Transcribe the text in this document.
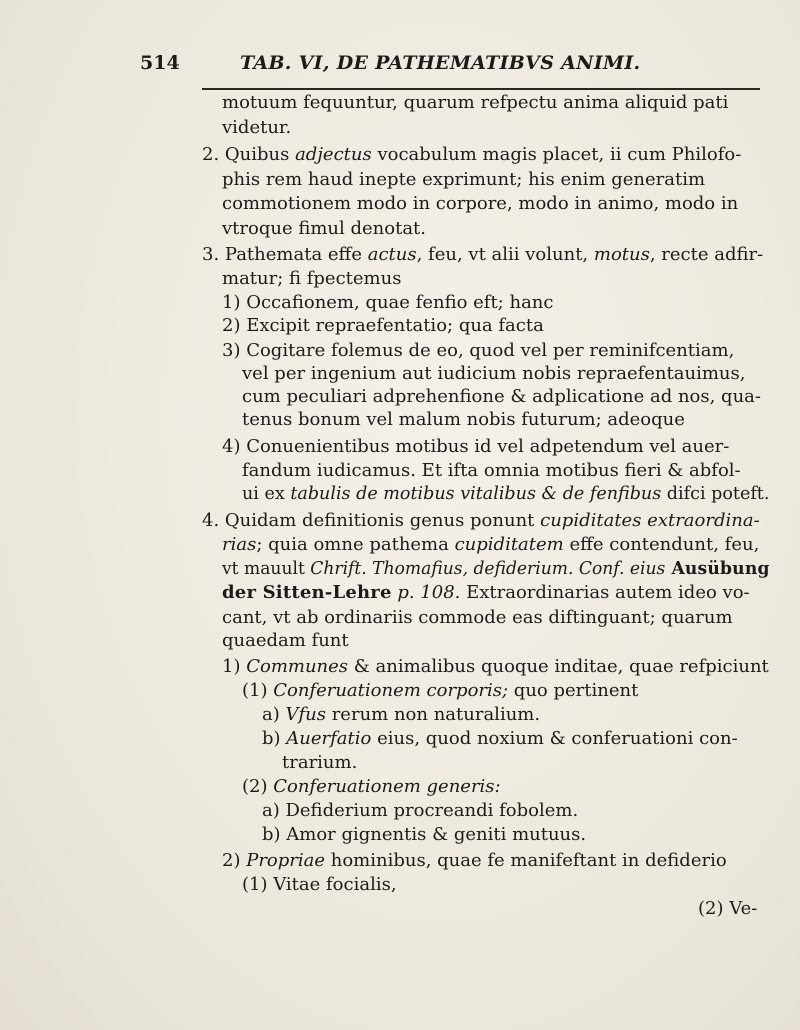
514	TAB. VI, DE PATHEMATIBVS ANIMI.
motuum fequuntur, quarum refpectu anima aliquid pati
videtur.
2. Quibus adjectus vocabulum magis placet, ii cum Philofo-
phis rem haud inepte exprimunt; his enim generatim
commotionem modo in corpore, modo in animo, modo in
vtroque fimul denotat.
3. Pathemata effe actus, feu, vt alii volunt, motus, recte adfir-
matur; fi fpectemus
1) Occafionem, quae fenfio eft; hanc
2) Excipit repraefentatio; qua facta
3) Cogitare folemus de eo, quod vel per reminifcentiam,
vel per ingenium aut iudicium nobis repraefentauimus,
cum peculiari adprehenfione & adplicatione ad nos, qua-
tenus bonum vel malum nobis futurum; adeoque
4) Conuenientibus motibus id vel adpetendum vel auer-
fandum iudicamus. Et ifta omnia motibus fieri & abfol-
ui ex tabulis de motibus vitalibus & de fenfibus difci poteft.
4. Quidam definitionis genus ponunt cupiditates extraordina-
rias; quia omne pathema cupiditatem effe contendunt, feu,
vt mauult Chrift. Thomafius, defiderium. Conf. eius Ausübung
der Sitten-Lehre p. 108. Extraordinarias autem ideo vo-
cant, vt ab ordinariis commode eas diftinguant; quarum
quaedam funt
1) Communes & animalibus quoque inditae, quae refpiciunt
(1) Conferuationem corporis; quo pertinent
a) Vfus rerum non naturalium.
b) Auerfatio eius, quod noxium & conferuationi con-
trarium.
(2) Conferuationem generis:
a) Defiderium procreandi fobolem.
b) Amor gignentis & geniti mutuus.
2) Propriae hominibus, quae fe manifeftant in defiderio
(1) Vitae focialis,
(2) Ve-
